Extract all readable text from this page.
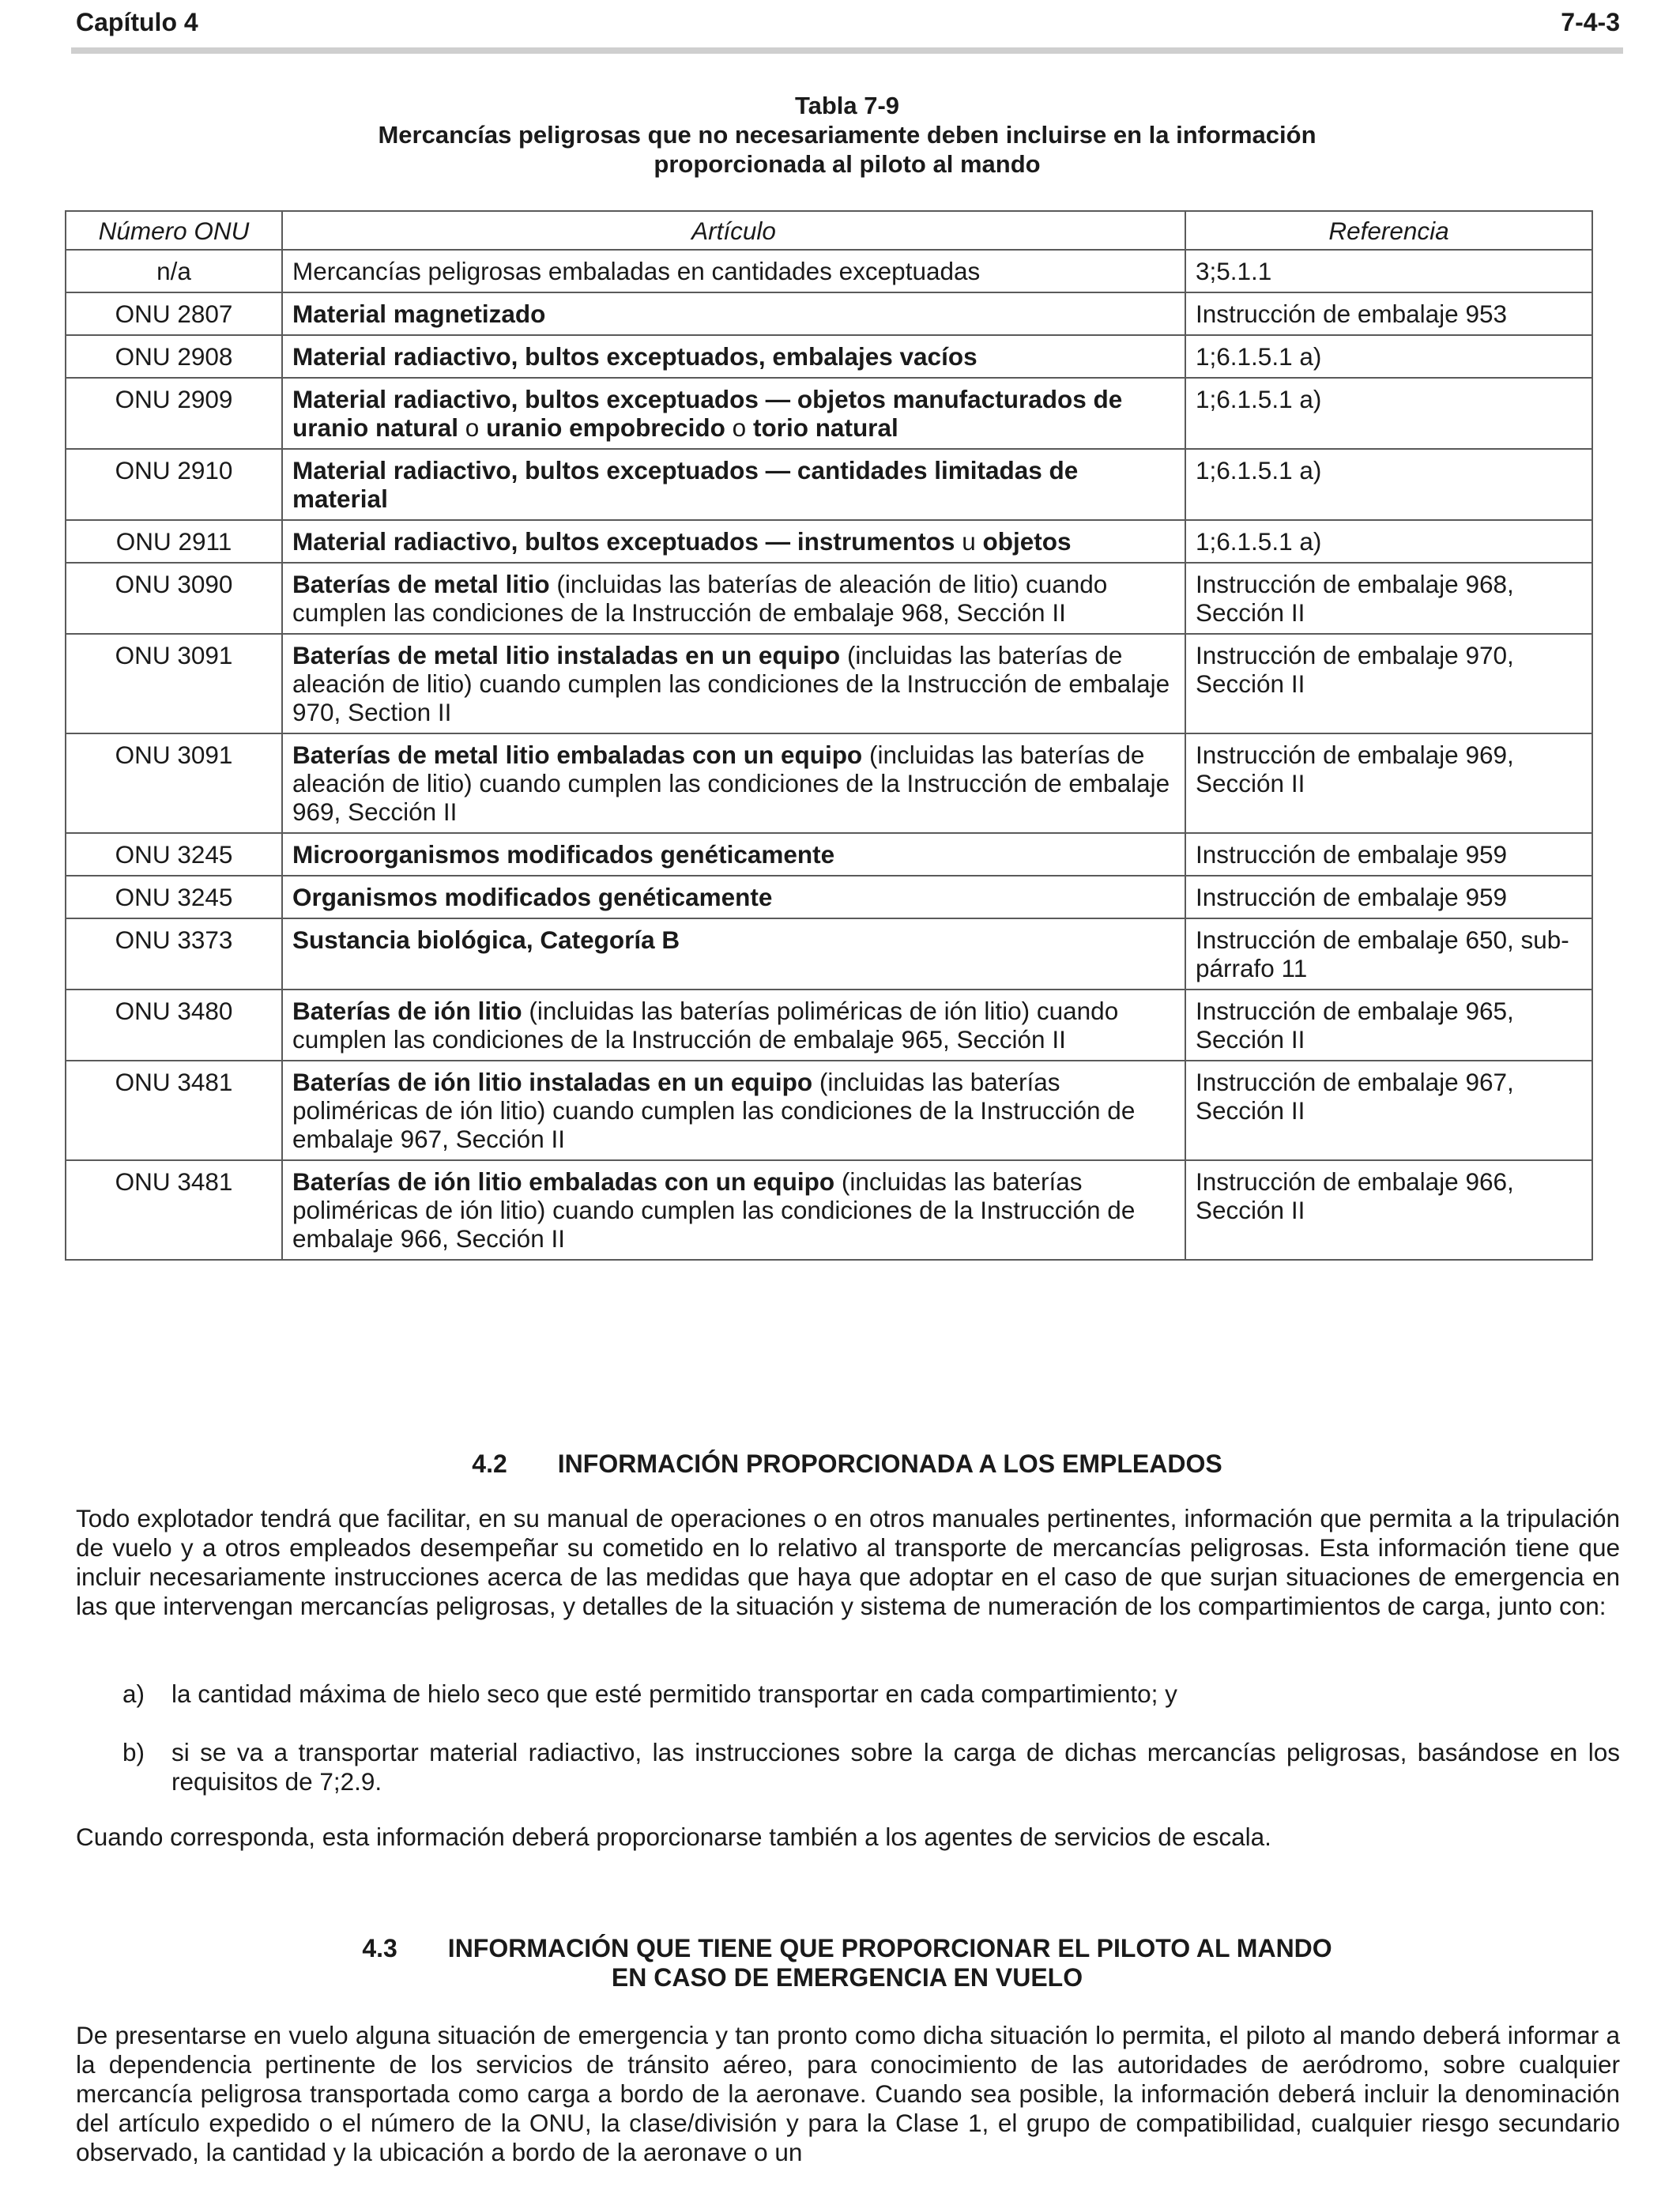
Capítulo 4	7-4-3
Tabla 7-9
Mercancías peligrosas que no necesariamente deben incluirse en la información
proporcionada al piloto al mando
Número ONU	Artículo	Referencia
n/a	Mercancías peligrosas embaladas en cantidades exceptuadas	3;5.1.1
ONU 2807	Material magnetizado	Instrucción de embalaje 953
ONU 2908	Material radiactivo, bultos exceptuados, embalajes vacíos	1;6.1.5.1 a)
ONU 2909	Material radiactivo, bultos exceptuados — objetos manufacturados de uranio natural o uranio empobrecido o torio natural	1;6.1.5.1 a)
ONU 2910	Material radiactivo, bultos exceptuados — cantidades limitadas de material	1;6.1.5.1 a)
ONU 2911	Material radiactivo, bultos exceptuados — instrumentos u objetos	1;6.1.5.1 a)
ONU 3090	Baterías de metal litio (incluidas las baterías de aleación de litio) cuando cumplen las condiciones de la Instrucción de embalaje 968, Sección II	Instrucción de embalaje 968, Sección II
ONU 3091	Baterías de metal litio instaladas en un equipo (incluidas las baterías de aleación de litio) cuando cumplen las condiciones de la Instrucción de embalaje 970, Section II	Instrucción de embalaje 970, Sección II
ONU 3091	Baterías de metal litio embaladas con un equipo (incluidas las baterías de aleación de litio) cuando cumplen las condiciones de la Instrucción de embalaje 969, Sección II	Instrucción de embalaje 969, Sección II
ONU 3245	Microorganismos modificados genéticamente	Instrucción de embalaje 959
ONU 3245	Organismos modificados genéticamente	Instrucción de embalaje 959
ONU 3373	Sustancia biológica, Categoría B	Instrucción de embalaje 650, sub-párrafo 11
ONU 3480	Baterías de ión litio (incluidas las baterías poliméricas de ión litio) cuando cumplen las condiciones de la Instrucción de embalaje 965, Sección II	Instrucción de embalaje 965, Sección II
ONU 3481	Baterías de ión litio instaladas en un equipo (incluidas las baterías poliméricas de ión litio) cuando cumplen las condiciones de la Instrucción de embalaje 967, Sección II	Instrucción de embalaje 967, Sección II
ONU 3481	Baterías de ión litio embaladas con un equipo (incluidas las baterías poliméricas de ión litio) cuando cumplen las condiciones de la Instrucción de embalaje 966, Sección II	Instrucción de embalaje 966, Sección II
4.2  INFORMACIÓN PROPORCIONADA A LOS EMPLEADOS
Todo explotador tendrá que facilitar, en su manual de operaciones o en otros manuales pertinentes, información que permita a la tripulación de vuelo y a otros empleados desempeñar su cometido en lo relativo al transporte de mercancías peligrosas. Esta información tiene que incluir necesariamente instrucciones acerca de las medidas que haya que adoptar en el caso de que surjan situaciones de emergencia en las que intervengan mercancías peligrosas, y detalles de la situación y sistema de numeración de los compartimientos de carga, junto con:
a) la cantidad máxima de hielo seco que esté permitido transportar en cada compartimiento; y
b) si se va a transportar material radiactivo, las instrucciones sobre la carga de dichas mercancías peligrosas, basándose en los requisitos de 7;2.9.
Cuando corresponda, esta información deberá proporcionarse también a los agentes de servicios de escala.
4.3  INFORMACIÓN QUE TIENE QUE PROPORCIONAR EL PILOTO AL MANDO
EN CASO DE EMERGENCIA EN VUELO
De presentarse en vuelo alguna situación de emergencia y tan pronto como dicha situación lo permita, el piloto al mando deberá informar a la dependencia pertinente de los servicios de tránsito aéreo, para conocimiento de las autoridades de aeródromo, sobre cualquier mercancía peligrosa transportada como carga a bordo de la aeronave. Cuando sea posible, la información deberá incluir la denominación del artículo expedido o el número de la ONU, la clase/división y para la Clase 1, el grupo de compatibilidad, cualquier riesgo secundario observado, la cantidad y la ubicación a bordo de la aeronave o un
